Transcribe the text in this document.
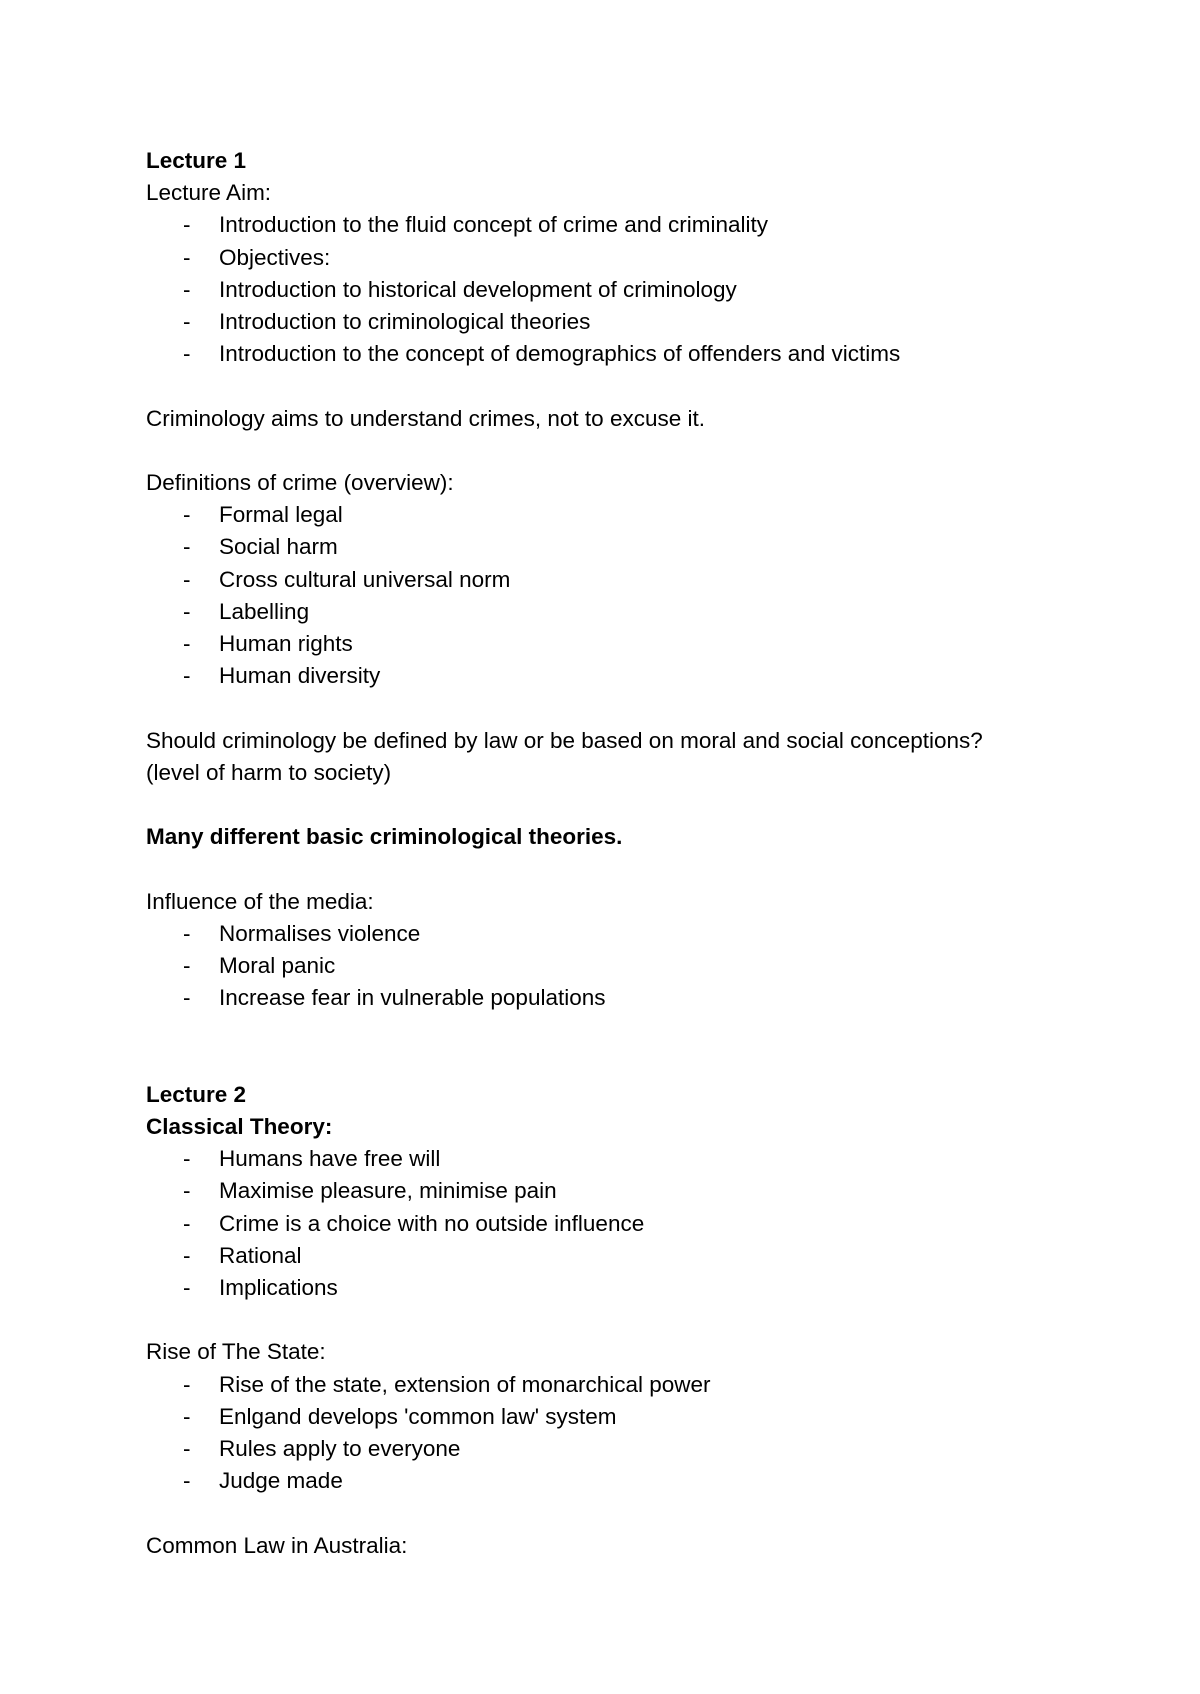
Lecture 1

Lecture Aim:

- Introduction to the fluid concept of crime and criminality
- Objectives:
- Introduction to historical development of criminology
- Introduction to criminological theories
- Introduction to the concept of demographics of offenders and victims

Criminology aims to understand crimes, not to excuse it.

Definitions of crime (overview):

- Formal legal
- Social harm
- Cross cultural universal norm
- Labelling
- Human rights
- Human diversity

Should criminology be defined by law or be based on moral and social conceptions?

(level of harm to society)

Many different basic criminological theories.

Influence of the media:

- Normalises violence
- Moral panic
- Increase fear in vulnerable populations

Lecture 2

Classical Theory:

- Humans have free will
- Maximise pleasure, minimise pain
- Crime is a choice with no outside influence
- Rational
- Implications

Rise of The State:

- Rise of the state, extension of monarchical power
- Enlgand develops 'common law' system
- Rules apply to everyone
- Judge made

Common Law in Australia:
